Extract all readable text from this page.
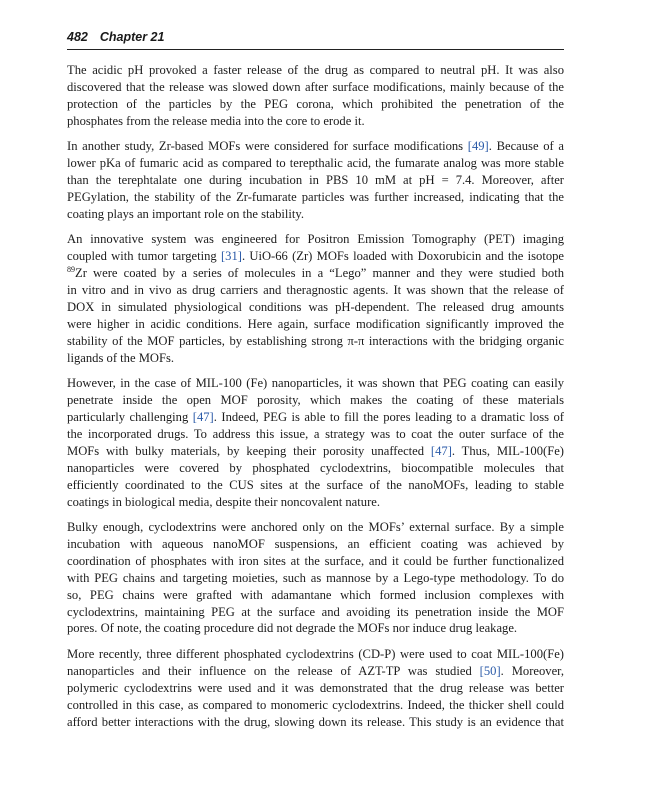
482 Chapter 21
The acidic pH provoked a faster release of the drug as compared to neutral pH. It was also
discovered that the release was slowed down after surface modifications, mainly because of the
protection of the particles by the PEG corona, which prohibited the penetration of the
phosphates from the release media into the core to erode it.
In another study, Zr-based MOFs were considered for surface modifications [49]. Because of a
lower pKa of fumaric acid as compared to terepthalic acid, the fumarate analog was more stable
than the terephtalate one during incubation in PBS 10 mM at pH = 7.4. Moreover, after
PEGylation, the stability of the Zr-fumarate particles was further increased, indicating that the
coating plays an important role on the stability.
An innovative system was engineered for Positron Emission Tomography (PET) imaging
coupled with tumor targeting [31]. UiO-66 (Zr) MOFs loaded with Doxorubicin and the isotope
$^{89}$Zr were coated by a series of molecules in a “Lego” manner and they were studied both
in vitro and in vivo as drug carriers and theragnostic agents. It was shown that the release of
DOX in simulated physiological conditions was pH-dependent. The released drug amounts
were higher in acidic conditions. Here again, surface modification significantly improved the
stability of the MOF particles, by establishing strong π-π interactions with the bridging organic
ligands of the MOFs.
However, in the case of MIL-100 (Fe) nanoparticles, it was shown that PEG coating can easily
penetrate inside the open MOF porosity, which makes the coating of these materials
particularly challenging [47]. Indeed, PEG is able to fill the pores leading to a dramatic loss of
the incorporated drugs. To address this issue, a strategy was to coat the outer surface of the
MOFs with bulky materials, by keeping their porosity unaffected [47]. Thus, MIL-100(Fe)
nanoparticles were covered by phosphated cyclodextrins, biocompatible molecules that
efficiently coordinated to the CUS sites at the surface of the nanoMOFs, leading to stable
coatings in biological media, despite their noncovalent nature.
Bulky enough, cyclodextrins were anchored only on the MOFs’ external surface. By a simple
incubation with aqueous nanoMOF suspensions, an efficient coating was achieved by
coordination of phosphates with iron sites at the surface, and it could be further functionalized
with PEG chains and targeting moieties, such as mannose by a Lego-type methodology. To do
so, PEG chains were grafted with adamantane which formed inclusion complexes with
cyclodextrins, maintaining PEG at the surface and avoiding its penetration inside the MOF
pores. Of note, the coating procedure did not degrade the MOFs nor induce drug leakage.
More recently, three different phosphated cyclodextrins (CD-P) were used to coat MIL-100(Fe)
nanoparticles and their influence on the release of AZT-TP was studied [50]. Moreover,
polymeric cyclodextrins were used and it was demonstrated that the drug release was better
controlled in this case, as compared to monomeric cyclodextrins. Indeed, the thicker shell could
afford better interactions with the drug, slowing down its release. This study is an evidence that
